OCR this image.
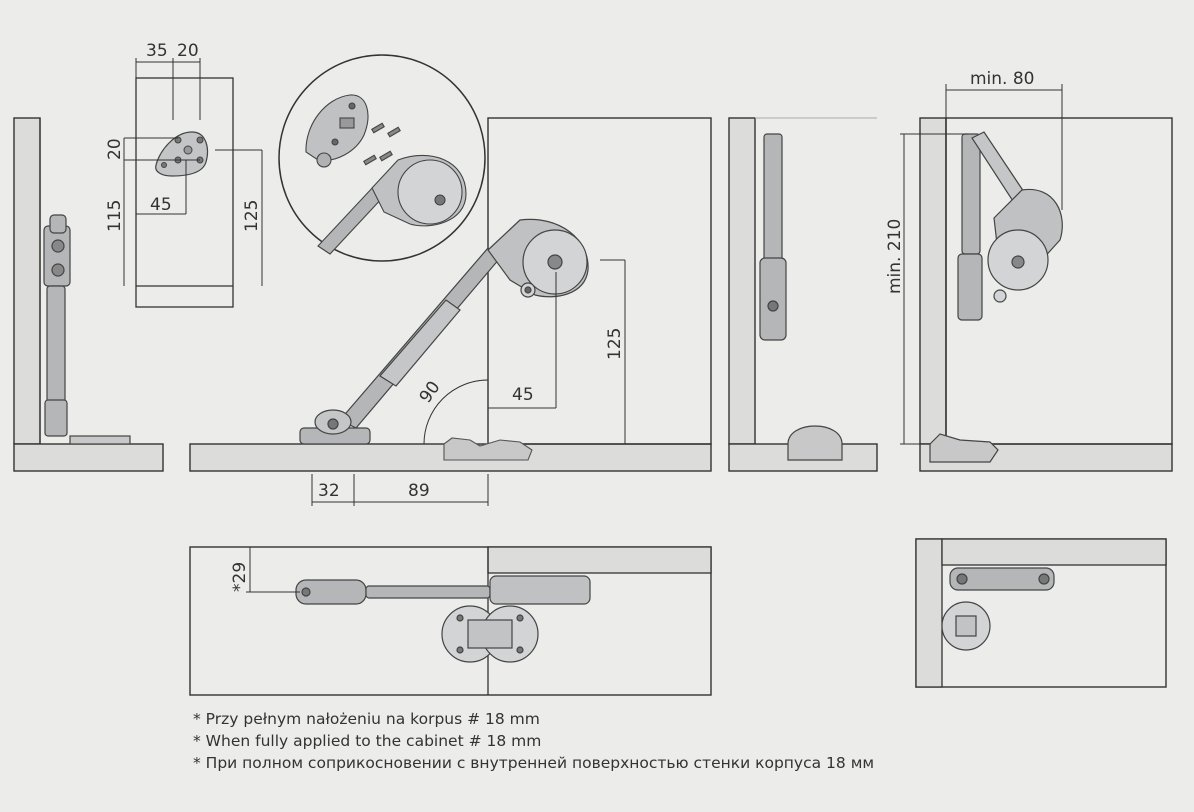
35 20
20
115 45	125
45
125
90
32	89
min. 80
min. 210
*29
* Przy pełnym nałożeniu na korpus # 18 mm
* When fully applied to the cabinet # 18 mm
* При полном соприкосновении с внутренней поверхностью стенки корпуса 18 мм
